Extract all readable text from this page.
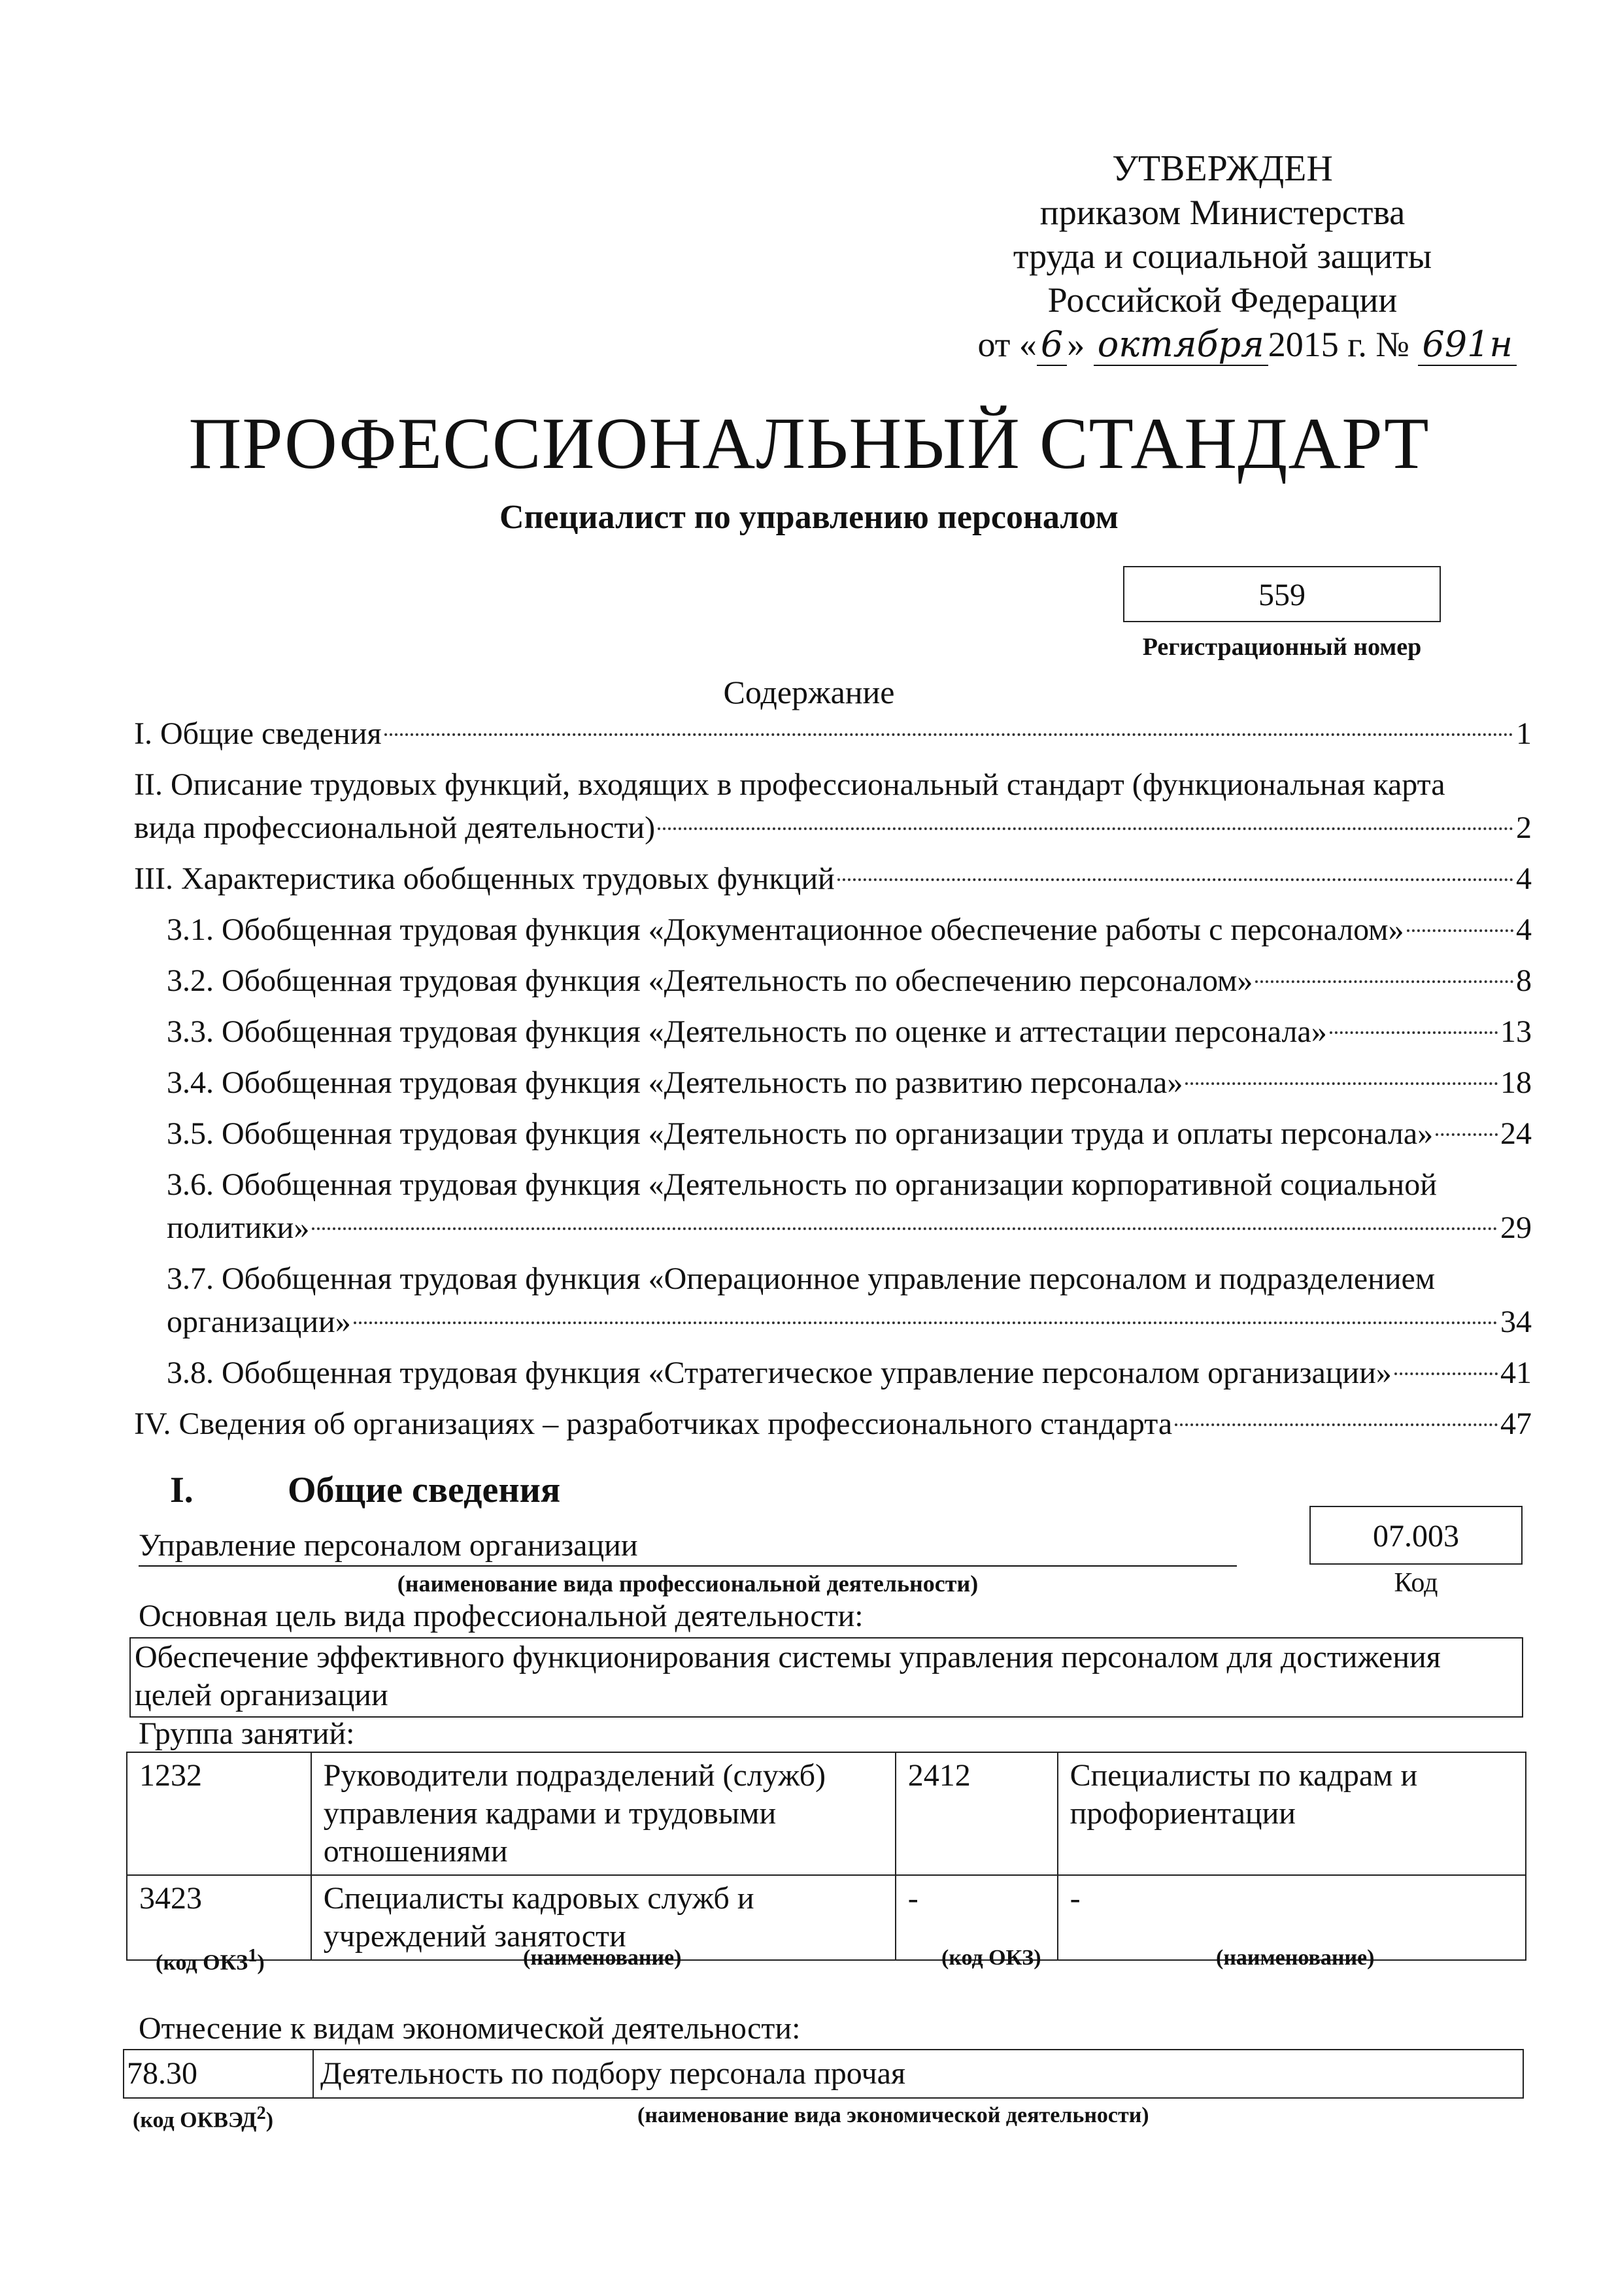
УТВЕРЖДЕН
приказом Министерства
труда и социальной защиты
Российской Федерации
от « 6 » октября 2015 г. № 691н
ПРОФЕССИОНАЛЬНЫЙ СТАНДАРТ
Специалист по управлению персоналом
559
Регистрационный номер
Содержание
I. Общие сведения	1
II. Описание трудовых функций, входящих в профессиональный стандарт (функциональная карта
вида профессиональной деятельности)	2
III. Характеристика обобщенных трудовых функций	4
3.1. Обобщенная трудовая функция «Документационное обеспечение работы с персоналом»	4
3.2. Обобщенная трудовая функция «Деятельность по обеспечению персоналом»	8
3.3. Обобщенная трудовая функция «Деятельность по оценке и аттестации персонала»	13
3.4. Обобщенная трудовая функция «Деятельность по развитию персонала»	18
3.5. Обобщенная трудовая функция «Деятельность по организации труда и оплаты персонала» 24
3.6. Обобщенная трудовая функция «Деятельность по организации корпоративной социальной
политики»	29
3.7. Обобщенная трудовая функция «Операционное управление персоналом и подразделением
организации»	34
3.8. Обобщенная трудовая функция «Стратегическое управление персоналом организации»	41
IV. Сведения об организациях – разработчиках профессионального стандарта	47
I.	Общие сведения
Управление персоналом организации
(наименование вида профессиональной деятельности)
07.003
Код
Основная цель вида профессиональной деятельности:
Обеспечение эффективного функционирования системы управления персоналом для достижения
целей организации
Группа занятий:
1232	Руководители подразделений (служб) управления кадрами и трудовыми отношениями	2412	Специалисты по кадрам и профориентации
3423	Специалисты кадровых служб и учреждений занятости	-	-
(код ОКЗ$^1$)	(наименование)	(код ОКЗ)	(наименование)
Отнесение к видам экономической деятельности:
78.30	Деятельность по подбору персонала прочая
(код ОКВЭД$^2$)	(наименование вида экономической деятельности)
